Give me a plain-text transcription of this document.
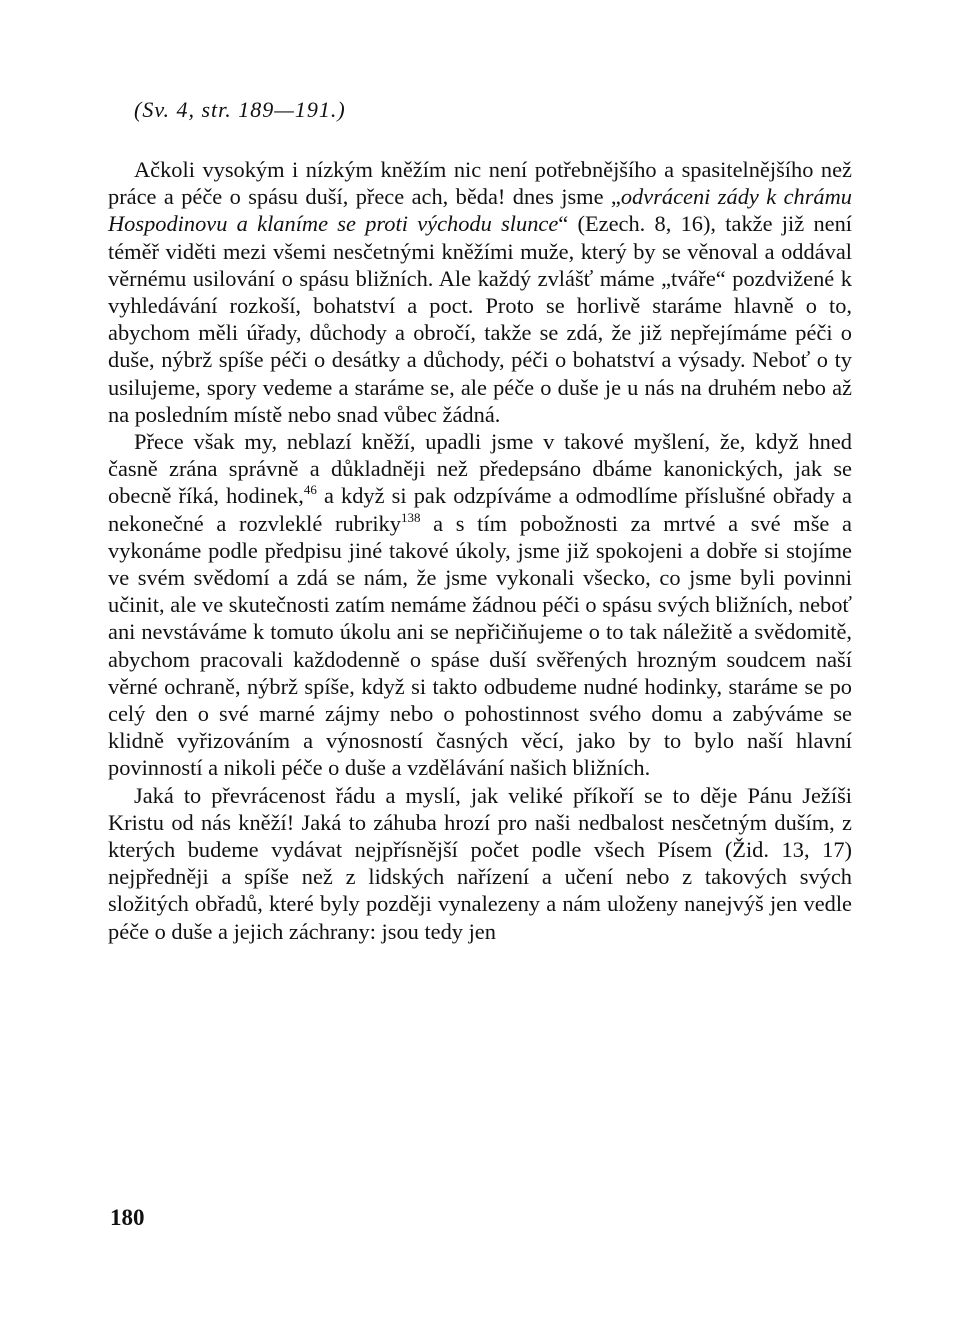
(Sv. 4, str. 189—191.)

Ačkoli vysokým i nízkým kněžím nic není potřebnějšího a spasitelnějšího než práce a péče o spásu duší, přece ach, běda! dnes jsme „odvráceni zády k chrámu Hospodinovu a klaníme se proti východu slunce“ (Ezech. 8, 16), takže již není téměř viděti mezi všemi nesčetnými kněžími muže, který by se věnoval a oddával věrnému usilování o spásu bližních. Ale každý zvlášť máme „tváře“ pozdvižené k vyhledávání rozkoší, bohatství a poct. Proto se horlivě staráme hlavně o to, abychom měli úřady, důchody a obročí, takže se zdá, že již nepřejímáme péči o duše, nýbrž spíše péči o desátky a důchody, péči o bohatství a výsady. Neboť o ty usilujeme, spory vedeme a staráme se, ale péče o duše je u nás na druhém nebo až na posledním místě nebo snad vůbec žádná.

Přece však my, neblazí kněží, upadli jsme v takové myšlení, že, když hned časně zrána správně a důkladněji než předepsáno dbáme kanonických, jak se obecně říká, hodinek,$^{46}$ a když si pak odzpíváme a odmodlíme příslušné obřady a nekonečné a rozvleklé rubriky$^{138}$ a s tím pobožnosti za mrtvé a své mše a vykonáme podle předpisu jiné takové úkoly, jsme již spokojeni a dobře si stojíme ve svém svědomí a zdá se nám, že jsme vykonali všecko, co jsme byli povinni učinit, ale ve skutečnosti zatím nemáme žádnou péči o spásu svých bližních, neboť ani nevstáváme k tomuto úkolu ani se nepřičiňujeme o to tak náležitě a svědomitě, abychom pracovali každodenně o spáse duší svěřených hrozným soudcem naší věrné ochraně, nýbrž spíše, když si takto odbudeme nudné hodinky, staráme se po celý den o své marné zájmy nebo o pohostinnost svého domu a zabýváme se klidně vyřizováním a výnosností časných věcí, jako by to bylo naší hlavní povinností a nikoli péče o duše a vzdělávání našich bližních.

Jaká to převrácenost řádu a myslí, jak veliké příkoří se to děje Pánu Ježíši Kristu od nás kněží! Jaká to záhuba hrozí pro naši nedbalost nesčetným duším, z kterých budeme vydávat nejpřísnější počet podle všech Písem (Žid. 13, 17) nejpředněji a spíše než z lidských nařízení a učení nebo z takových svých složitých obřadů, které byly později vynalezeny a nám uloženy nanejvýš jen vedle péče o duše a jejich záchrany: jsou tedy jen

180
